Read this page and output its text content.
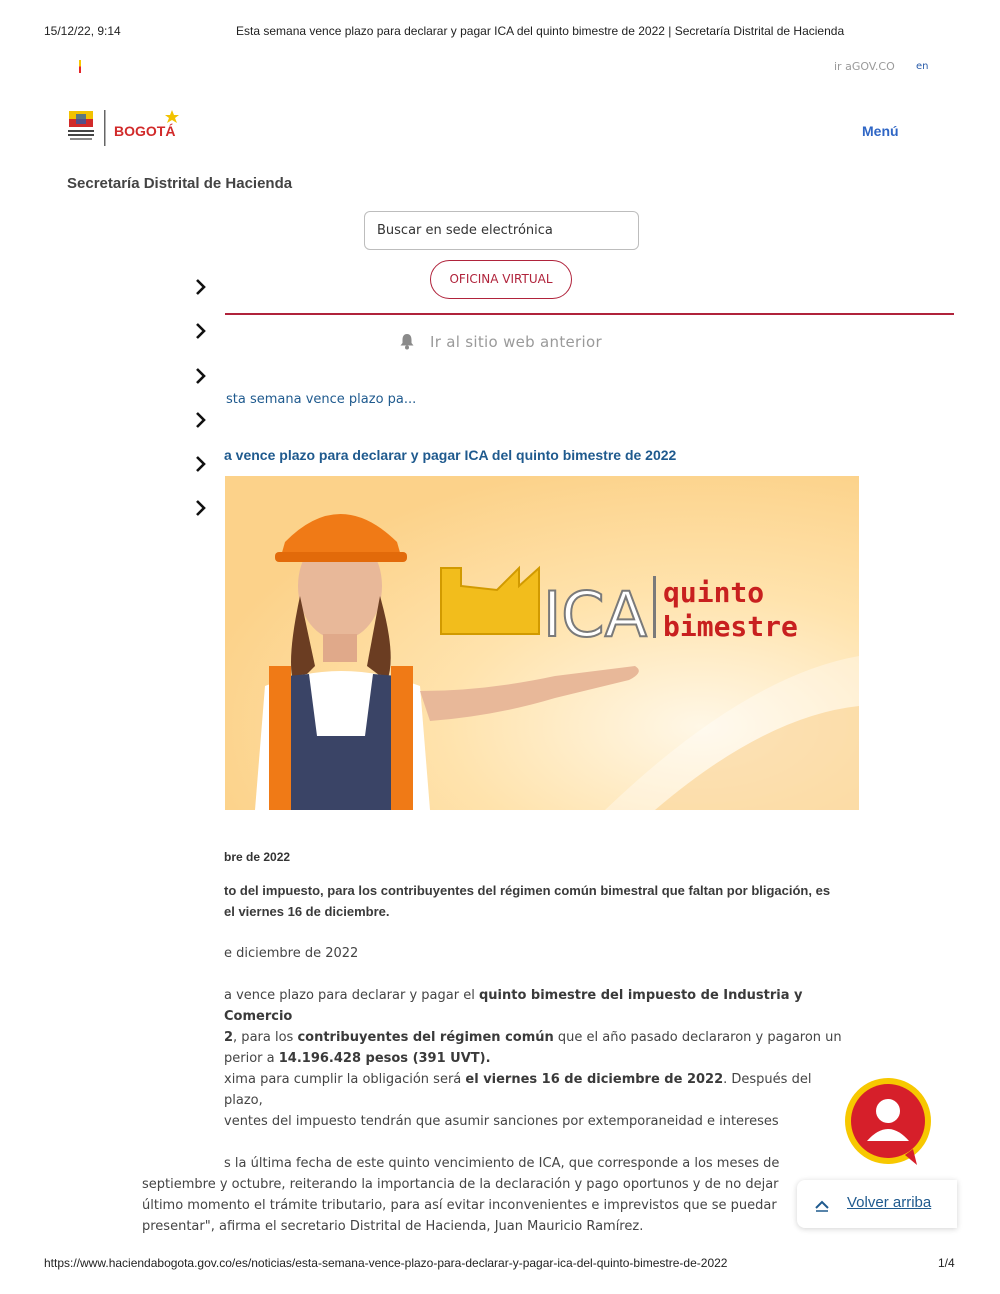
15/12/22, 9:14	Esta semana vence plazo para declarar y pagar ICA del quinto bimestre de 2022 | Secretaría Distrital de Hacienda
ir aGOV.CO en
BOGOTÁ	Menú
Secretaría Distrital de Hacienda
Buscar en sede electrónica
OFICINA VIRTUAL
Ir al sitio web anterior
sta semana vence plazo pa...
a vence plazo para declarar y pagar ICA del quinto bimestre de 2022
ICA quinto
bimestre
bre de 2022

to del impuesto, para los contribuyentes del régimen común bimestral que faltan por bligación, es el viernes 16 de diciembre.

e diciembre de 2022

a vence plazo para declarar y pagar el quinto bimestre del impuesto de Industria y Comercio
2, para los contribuyentes del régimen común que el año pasado declararon y pagaron un
perior a 14.196.428 pesos (391 UVT).

xima para cumplir la obligación será el viernes 16 de diciembre de 2022. Después del plazo,
ventes del impuesto tendrán que asumir sanciones por extemporaneidad e intereses

s la última fecha de este quinto vencimiento de ICA, que corresponde a los meses de
septiembre y octubre, reiterando la importancia de la declaración y pago oportunos y de no dejar
último momento el trámite tributario, para así evitar inconvenientes e imprevistos que se puedar
presentar", afirma el secretario Distrital de Hacienda, Juan Mauricio Ramírez.

Volver arriba
https://www.haciendabogota.gov.co/es/noticias/esta-semana-vence-plazo-para-declarar-y-pagar-ica-del-quinto-bimestre-de-2022	1/4
